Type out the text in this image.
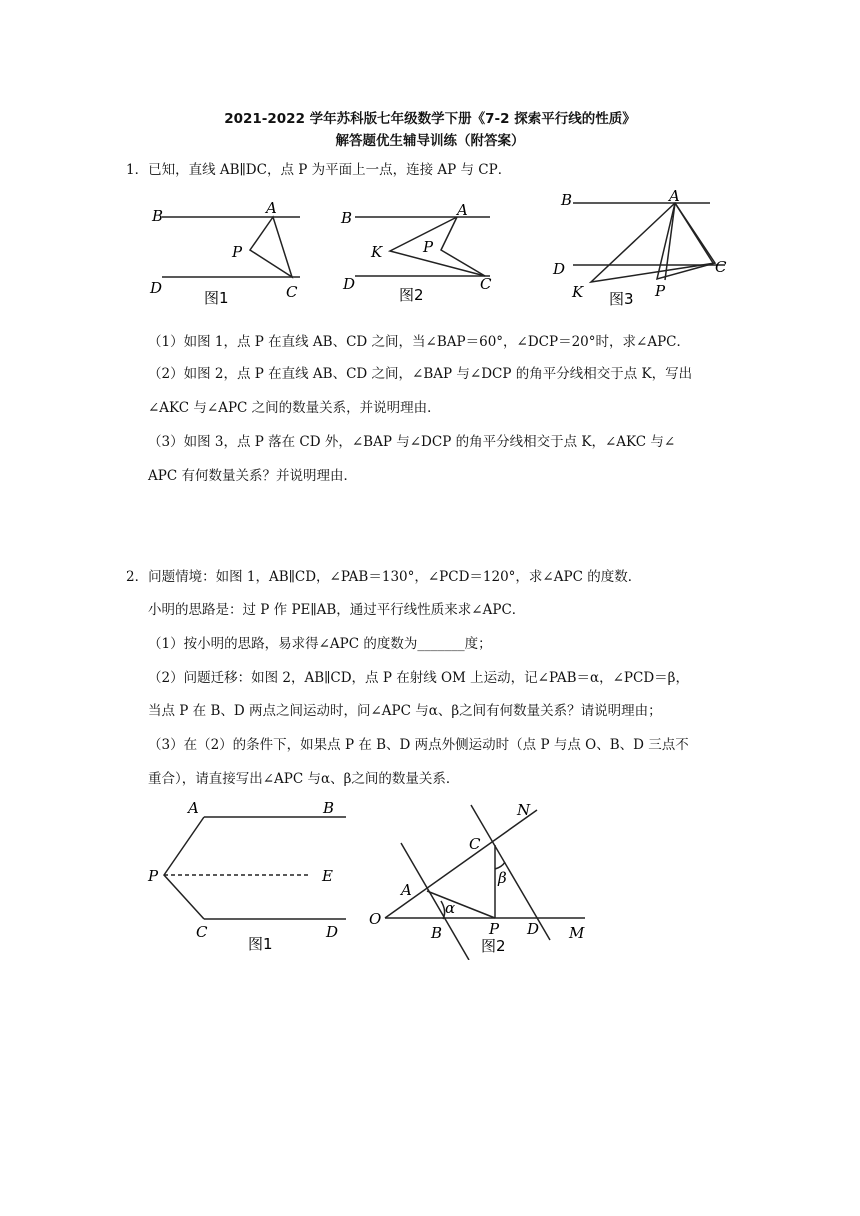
2021-2022 学年苏科版七年级数学下册《7-2 探索平行线的性质》
解答题优生辅导训练（附答案）
1．已知，直线 AB∥DC，点 P 为平面上一点，连接 AP 与 CP．
B	A
P
D	C
图1
B	A
K	P
D	C
图2
B	A
D	C
K	P
图3
（1）如图 1，点 P 在直线 AB、CD 之间，当∠BAP＝60°，∠DCP＝20°时，求∠APC．
（2）如图 2，点 P 在直线 AB、CD 之间，∠BAP 与∠DCP 的角平分线相交于点 K，写出
∠AKC 与∠APC 之间的数量关系，并说明理由．
（3）如图 3，点 P 落在 CD 外，∠BAP 与∠DCP 的角平分线相交于点 K，∠AKC 与∠
APC 有何数量关系？并说明理由．
2．问题情境：如图 1，AB∥CD，∠PAB＝130°，∠PCD＝120°，求∠APC 的度数．
小明的思路是：过 P 作 PE∥AB，通过平行线性质来求∠APC．
（1）按小明的思路，易求得∠APC 的度数为_______度；
（2）问题迁移：如图 2，AB∥CD，点 P 在射线 OM 上运动，记∠PAB＝α，∠PCD＝β，
当点 P 在 B、D 两点之间运动时，问∠APC 与α、β之间有何数量关系？请说明理由；
（3）在（2）的条件下，如果点 P 在 B、D 两点外侧运动时（点 P 与点 O、B、D 三点不
重合），请直接写出∠APC 与α、β之间的数量关系．
A	B
P	E
C	D
图1
N
C
A
β
α
O
B	P D M
图2
